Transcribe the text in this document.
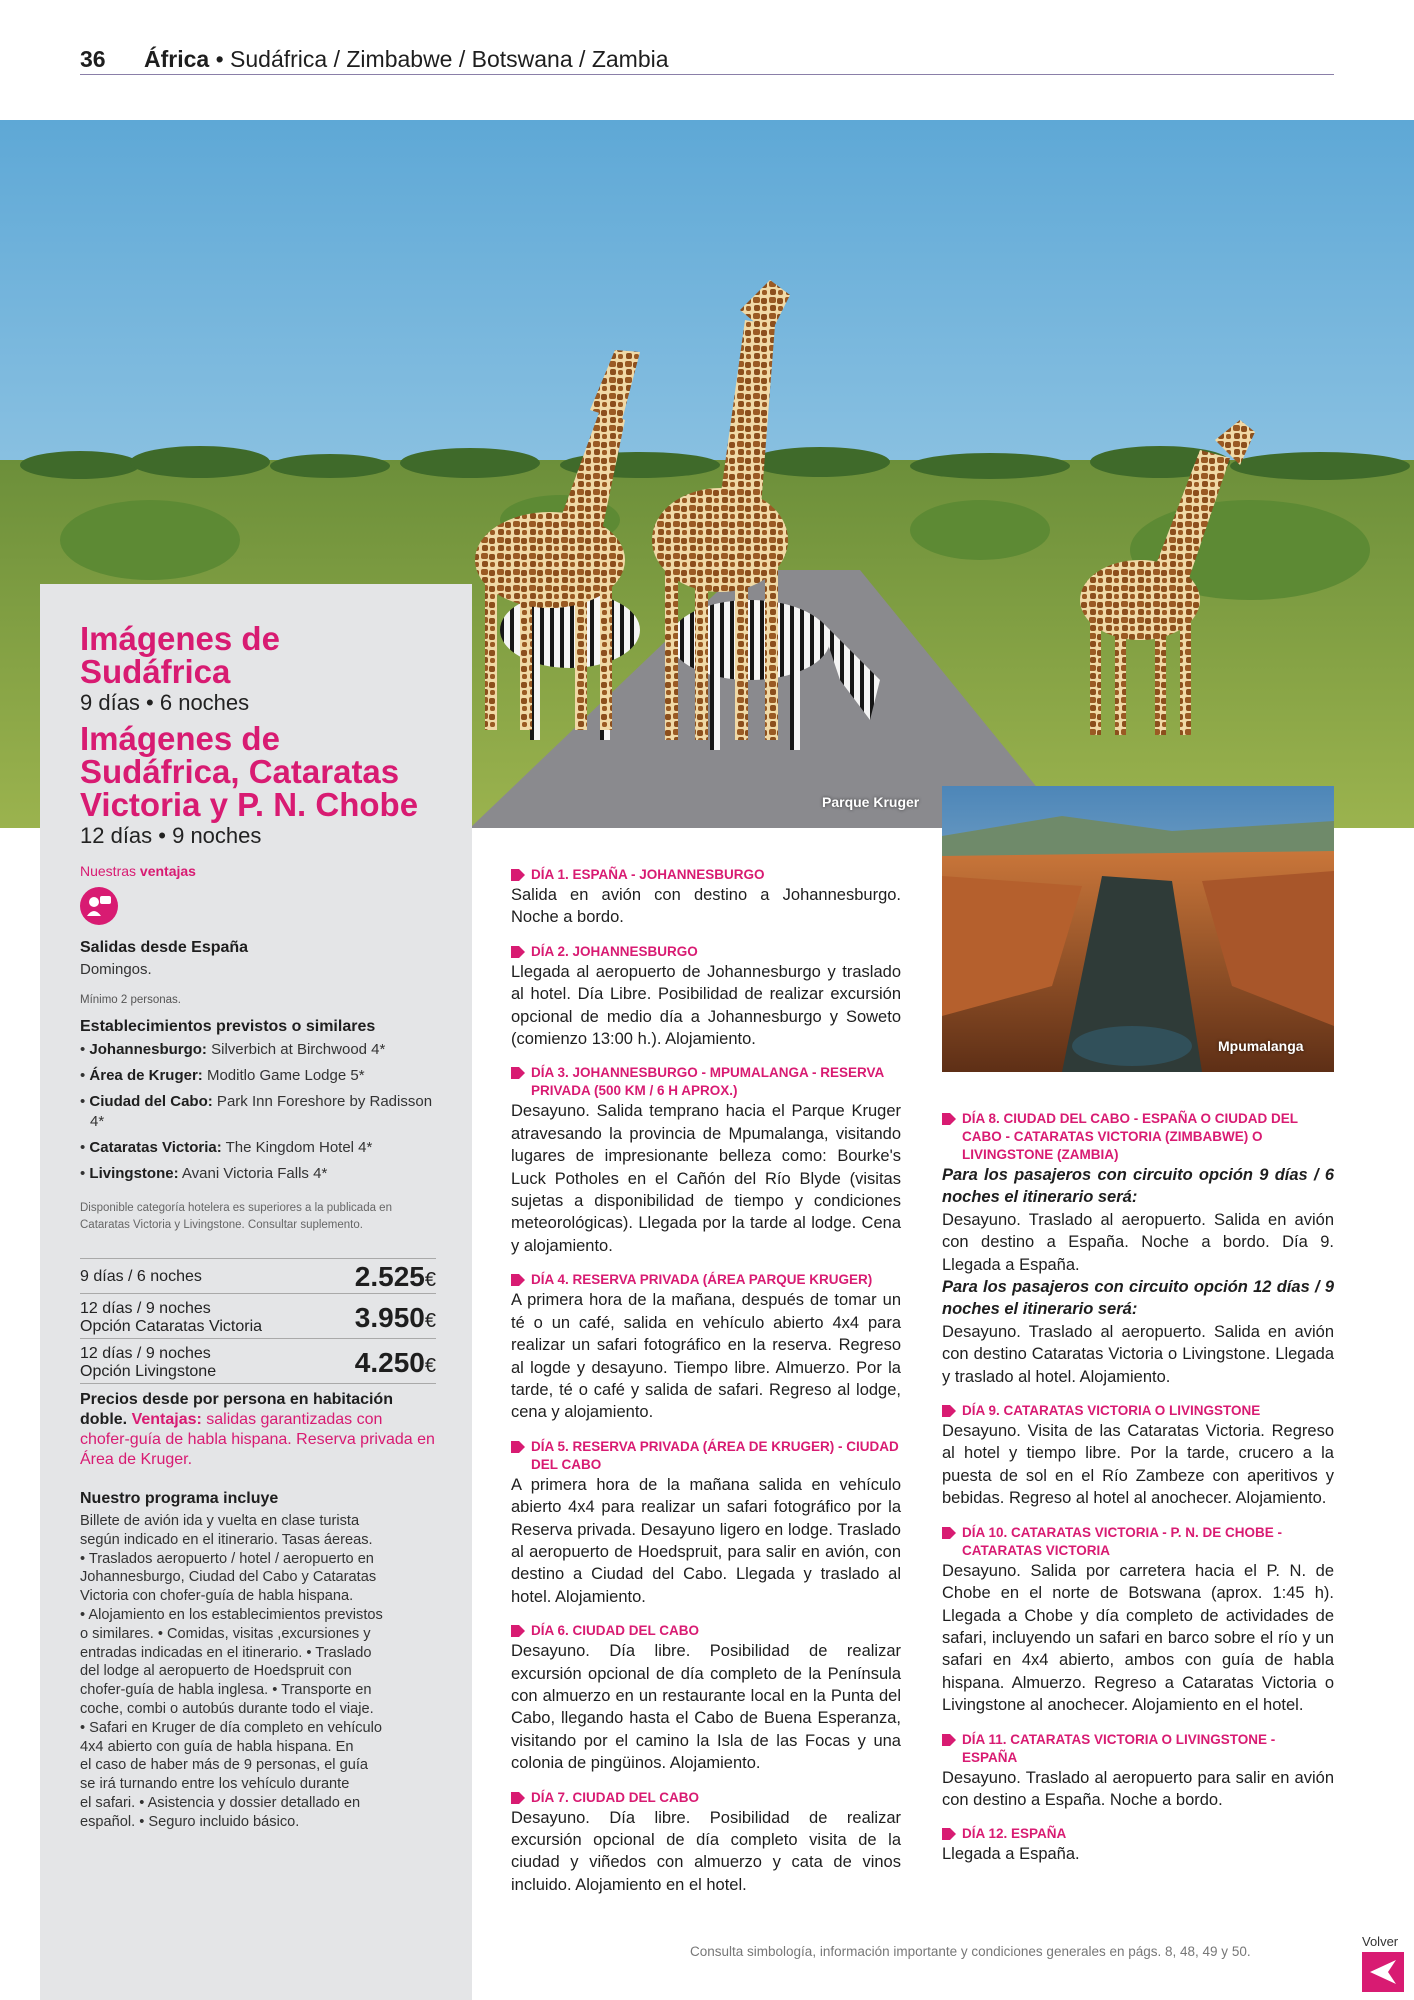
36 África • Sudáfrica / Zimbabwe / Botswana / Zambia
Parque Kruger
Mpumalanga
Imágenes de Sudáfrica
9 días • 6 noches
Imágenes de Sudáfrica, Cataratas Victoria y P. N. Chobe
12 días • 9 noches
Nuestras ventajas
Salidas desde España
Domingos.
Mínimo 2 personas.
Establecimientos previstos o similares
• Johannesburgo: Silverbich at Birchwood 4*
• Área de Kruger: Moditlo Game Lodge 5*
• Ciudad del Cabo: Park Inn Foreshore by Radisson 4*
• Cataratas Victoria: The Kingdom Hotel 4*
• Livingstone: Avani Victoria Falls 4*
Disponible categoría hotelera es superiores a la publicada en Cataratas Victoria y Livingstone. Consultar suplemento.
9 días / 6 noches	2.525€
12 días / 9 noches
Opción Cataratas Victoria	3.950€
12 días / 9 noches
Opción Livingstone	4.250€
Precios desde por persona en habitación doble. Ventajas: salidas garantizadas con chofer-guía de habla hispana. Reserva privada en Área de Kruger.
Nuestro programa incluye
Billete de avión ida y vuelta en clase turista
según indicado en el itinerario. Tasas áereas.
• Traslados aeropuerto / hotel / aeropuerto en
Johannesburgo, Ciudad del Cabo y Cataratas
Victoria con chofer-guía de habla hispana.
• Alojamiento en los establecimientos previstos
o similares. • Comidas, visitas ,excursiones y
entradas indicadas en el itinerario. • Traslado
del lodge al aeropuerto de Hoedspruit con
chofer-guía de habla inglesa. • Transporte en
coche, combi o autobús durante todo el viaje.
• Safari en Kruger de día completo en vehículo
4x4 abierto con guía de habla hispana. En
el caso de haber más de 9 personas, el guía
se irá turnando entre los vehículo durante
el safari. • Asistencia y dossier detallado en
español. • Seguro incluido básico.
DÍA 1. ESPAÑA - JOHANNESBURGO
Salida en avión con destino a Johannesburgo. Noche a bordo.
DÍA 2. JOHANNESBURGO
Llegada al aeropuerto de Johannesburgo y traslado al hotel. Día Libre. Posibilidad de realizar excursión opcional de medio día a Johannesburgo y Soweto (comienzo 13:00 h.). Alojamiento.
DÍA 3. JOHANNESBURGO - MPUMALANGA - RESERVA PRIVADA (500 KM / 6 H APROX.)
Desayuno. Salida temprano hacia el Parque Kruger atravesando la provincia de Mpumalanga, visitando lugares de impresionante belleza como: Bourke's Luck Potholes en el Cañón del Río Blyde (visitas sujetas a disponibilidad de tiempo y condiciones meteorológicas). Llegada por la tarde al lodge. Cena y alojamiento.
DÍA 4. RESERVA PRIVADA (ÁREA PARQUE KRUGER)
A primera hora de la mañana, después de tomar un té o un café, salida en vehículo abierto 4x4 para realizar un safari fotográfico en la reserva. Regreso al logde y desayuno. Tiempo libre. Almuerzo. Por la tarde, té o café y salida de safari. Regreso al lodge, cena y alojamiento.
DÍA 5. RESERVA PRIVADA (ÁREA DE KRUGER) - CIUDAD DEL CABO
A primera hora de la mañana salida en vehículo abierto 4x4 para realizar un safari fotográfico por la Reserva privada. Desayuno ligero en lodge. Traslado al aeropuerto de Hoedspruit, para salir en avión, con destino a Ciudad del Cabo. Llegada y traslado al hotel. Alojamiento.
DÍA 6. CIUDAD DEL CABO
Desayuno. Día libre. Posibilidad de realizar excursión opcional de día completo de la Península con almuerzo en un restaurante local en la Punta del Cabo, llegando hasta el Cabo de Buena Esperanza, visitando por el camino la Isla de las Focas y una colonia de pingüinos. Alojamiento.
DÍA 7. CIUDAD DEL CABO
Desayuno. Día libre. Posibilidad de realizar excursión opcional de día completo visita de la ciudad y viñedos con almuerzo y cata de vinos incluido. Alojamiento en el hotel.
DÍA 8. CIUDAD DEL CABO - ESPAÑA O CIUDAD DEL CABO - CATARATAS VICTORIA (ZIMBABWE) O LIVINGSTONE (ZAMBIA)
Para los pasajeros con circuito opción 9 días / 6 noches el itinerario será:
Desayuno. Traslado al aeropuerto. Salida en avión con destino a España. Noche a bordo. Día 9. Llegada a España.
Para los pasajeros con circuito opción 12 días / 9 noches el itinerario será:
Desayuno. Traslado al aeropuerto. Salida en avión con destino Cataratas Victoria o Livingstone. Llegada y traslado al hotel. Alojamiento.
DÍA 9. CATARATAS VICTORIA O LIVINGSTONE
Desayuno. Visita de las Cataratas Victoria. Regreso al hotel y tiempo libre. Por la tarde, crucero a la puesta de sol en el Río Zambeze con aperitivos y bebidas. Regreso al hotel al anochecer. Alojamiento.
DÍA 10. CATARATAS VICTORIA - P. N. DE CHOBE - CATARATAS VICTORIA
Desayuno. Salida por carretera hacia el P. N. de Chobe en el norte de Botswana (aprox. 1:45 h). Llegada a Chobe y día completo de actividades de safari, incluyendo un safari en barco sobre el río y un safari en 4x4 abierto, ambos con guía de habla hispana. Almuerzo. Regreso a Cataratas Victoria o Livingstone al anochecer. Alojamiento en el hotel.
DÍA 11. CATARATAS VICTORIA O LIVINGSTONE - ESPAÑA
Desayuno. Traslado al aeropuerto para salir en avión con destino a España. Noche a bordo.
DÍA 12. ESPAÑA
Llegada a España.
Consulta simbología, información importante y condiciones generales en págs. 8, 48, 49 y 50.
Volver
